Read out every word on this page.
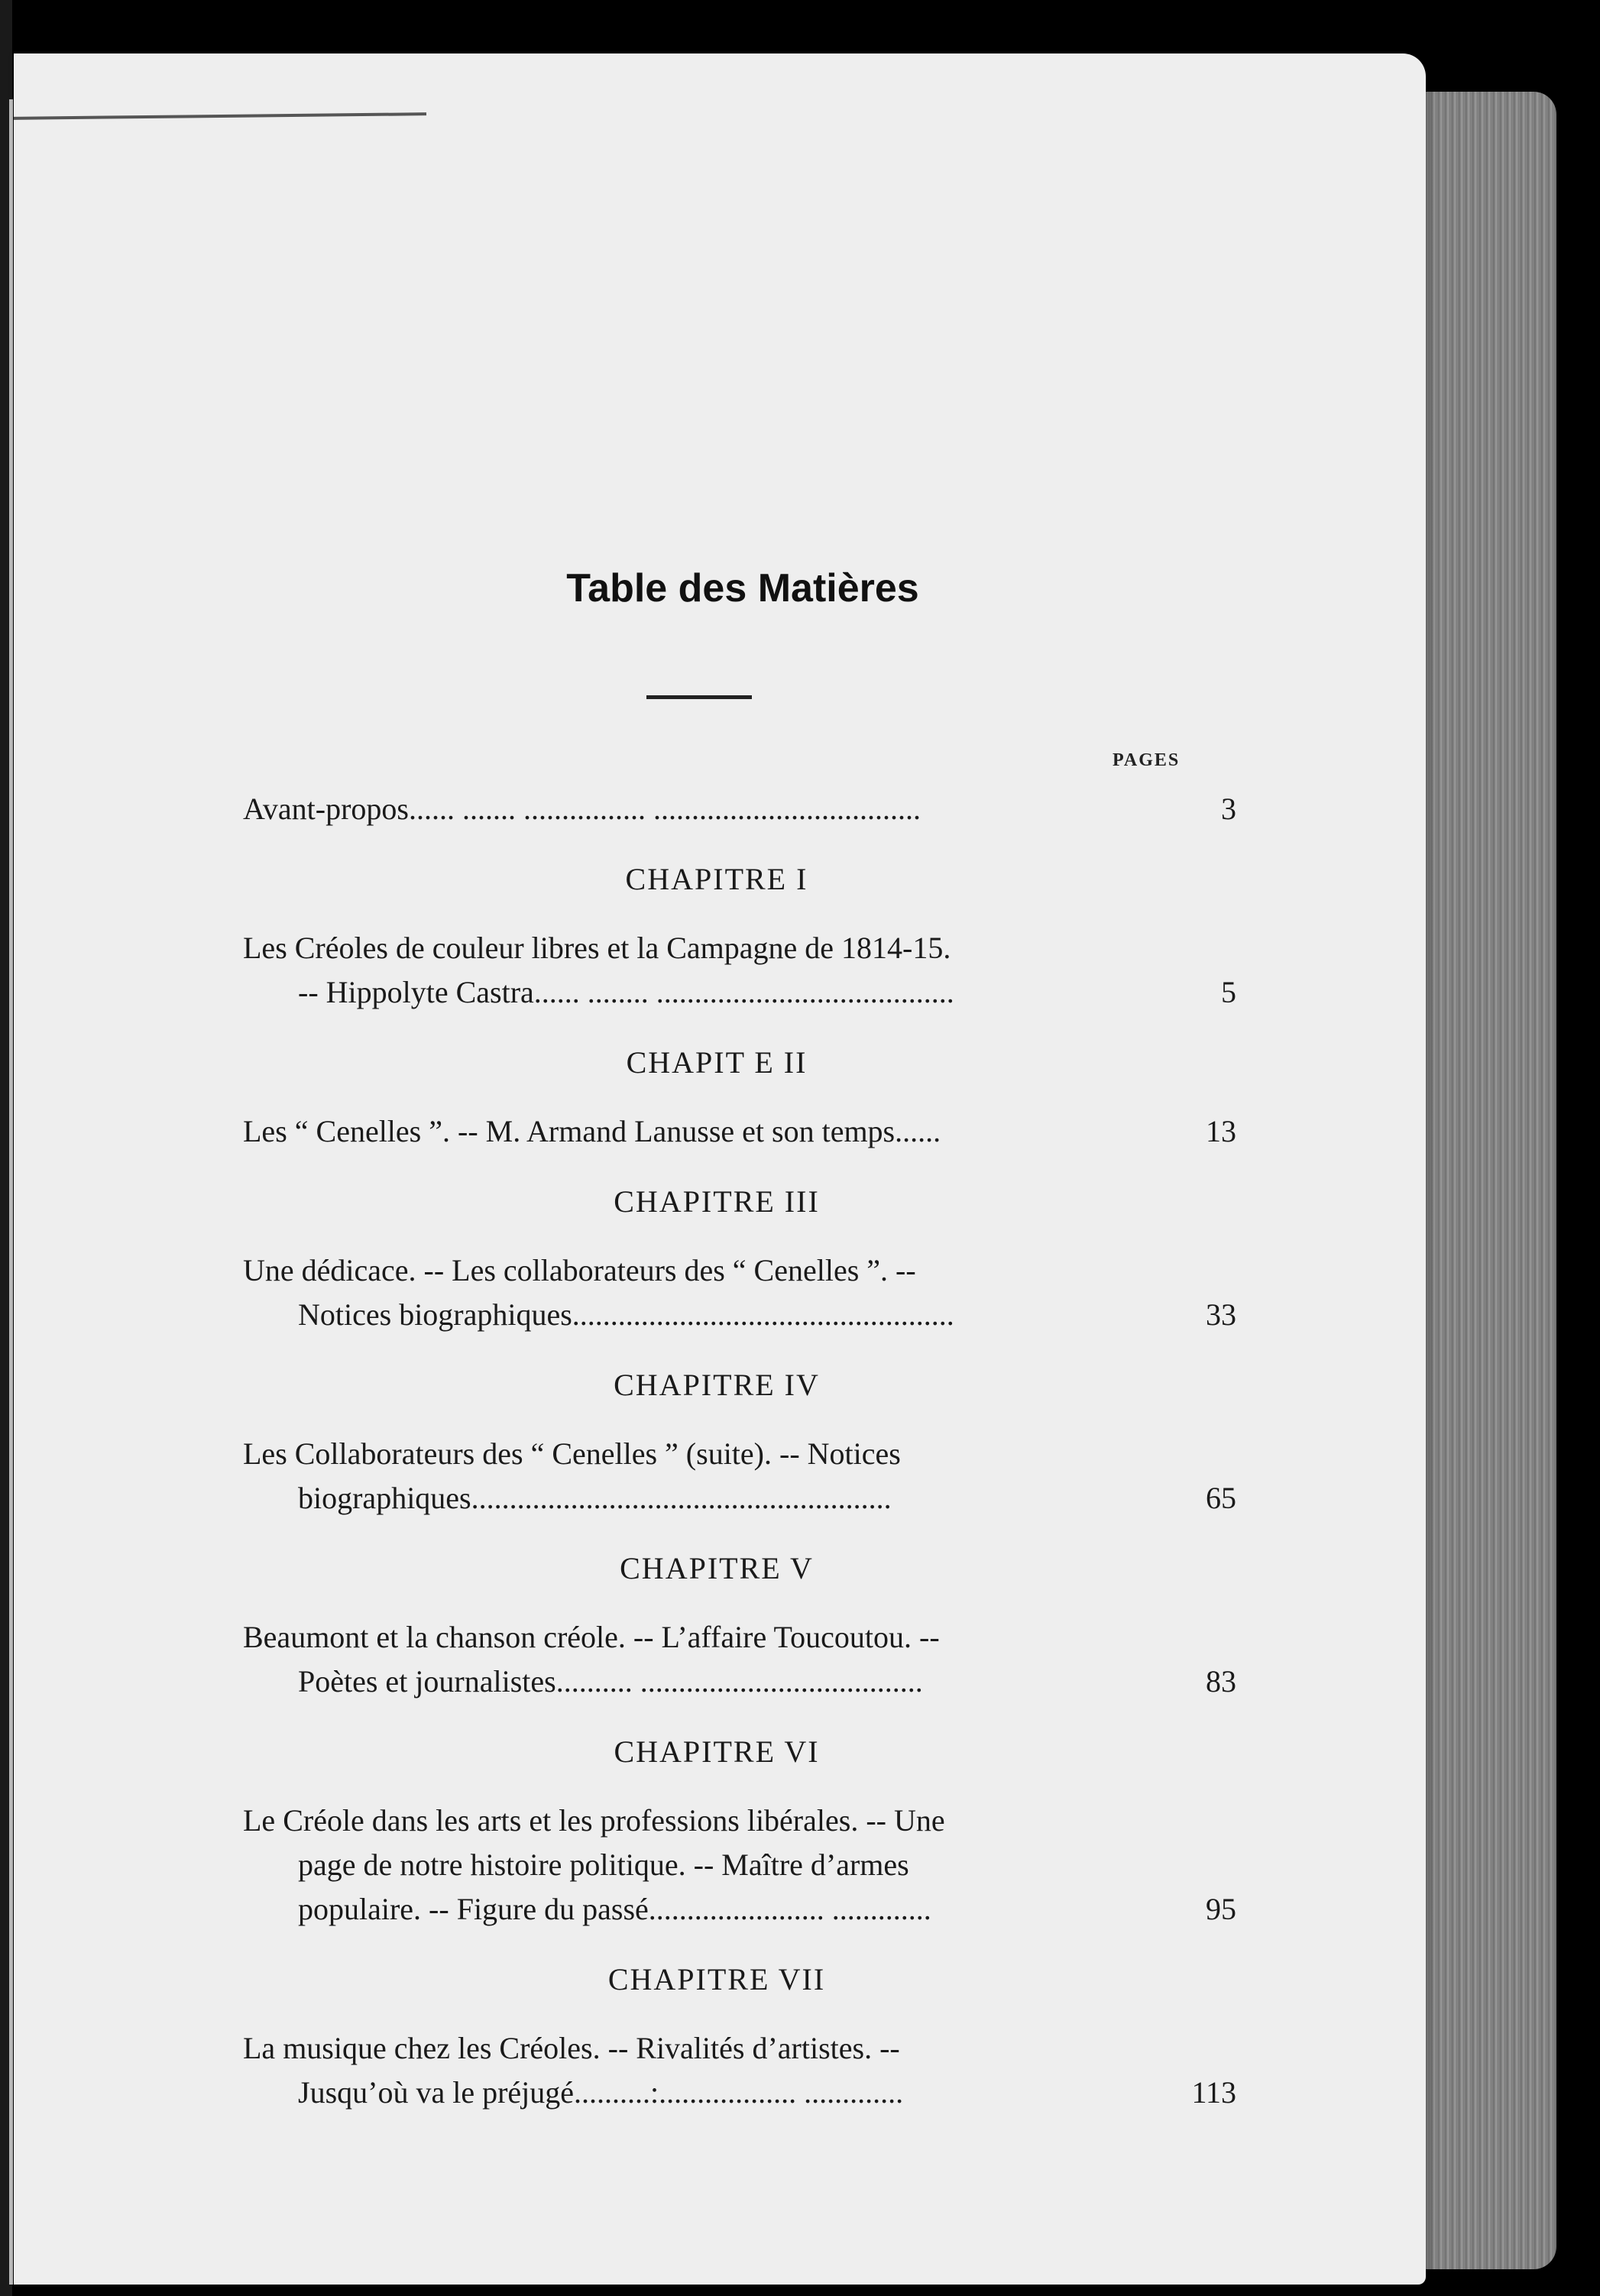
Table des Matières
PAGES
Avant-propos...... ....... ................ ...................................	3
CHAPITRE I
Les Créoles de couleur libres et la Campagne de 1814-15.
-- Hippolyte Castra...... ........ .......................................	5
CHAPIT E II
Les “ Cenelles ”. -- M. Armand Lanusse et son temps......	13
CHAPITRE III
Une dédicace. -- Les collaborateurs des “ Cenelles ”. --
Notices biographiques..................................................	33
CHAPITRE IV
Les Collaborateurs des “ Cenelles ” (suite). -- Notices
biographiques.......................................................	65
CHAPITRE V
Beaumont et la chanson créole. -- L’affaire Toucoutou. --
Poètes et journalistes.......... .....................................	83
CHAPITRE VI
Le Créole dans les arts et les professions libérales. -- Une
page de notre histoire politique. -- Maître d’armes
populaire. -- Figure du passé....................... .............	95
CHAPITRE VII
La musique chez les Créoles. -- Rivalités d’artistes. --
Jusqu’où va le préjugé..........:.................. .............	113
